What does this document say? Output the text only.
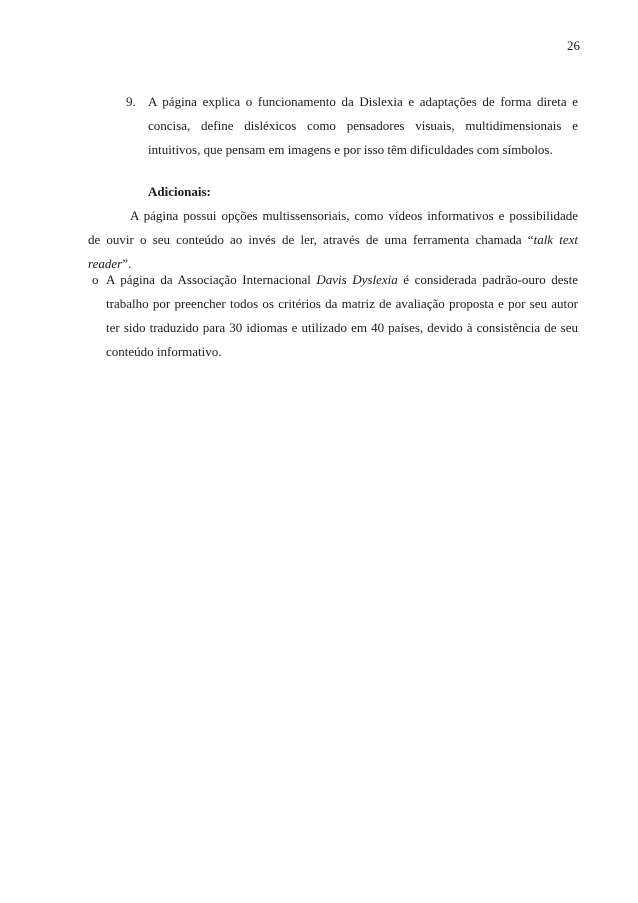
26
9. A página explica o funcionamento da Dislexia e adaptações de forma direta e concisa, define disléxicos como pensadores visuais, multidimensionais e intuitivos, que pensam em imagens e por isso têm dificuldades com símbolos.
Adicionais:
A página possui opções multissensoriais, como vídeos informativos e possibilidade de ouvir o seu conteúdo ao invés de ler, através de uma ferramenta chamada “talk text reader”.
o A página da Associação Internacional Davis Dyslexia é considerada padrão-ouro deste trabalho por preencher todos os critérios da matriz de avaliação proposta e por seu autor ter sido traduzido para 30 idiomas e utilizado em 40 países, devido à consistência de seu conteúdo informativo.
